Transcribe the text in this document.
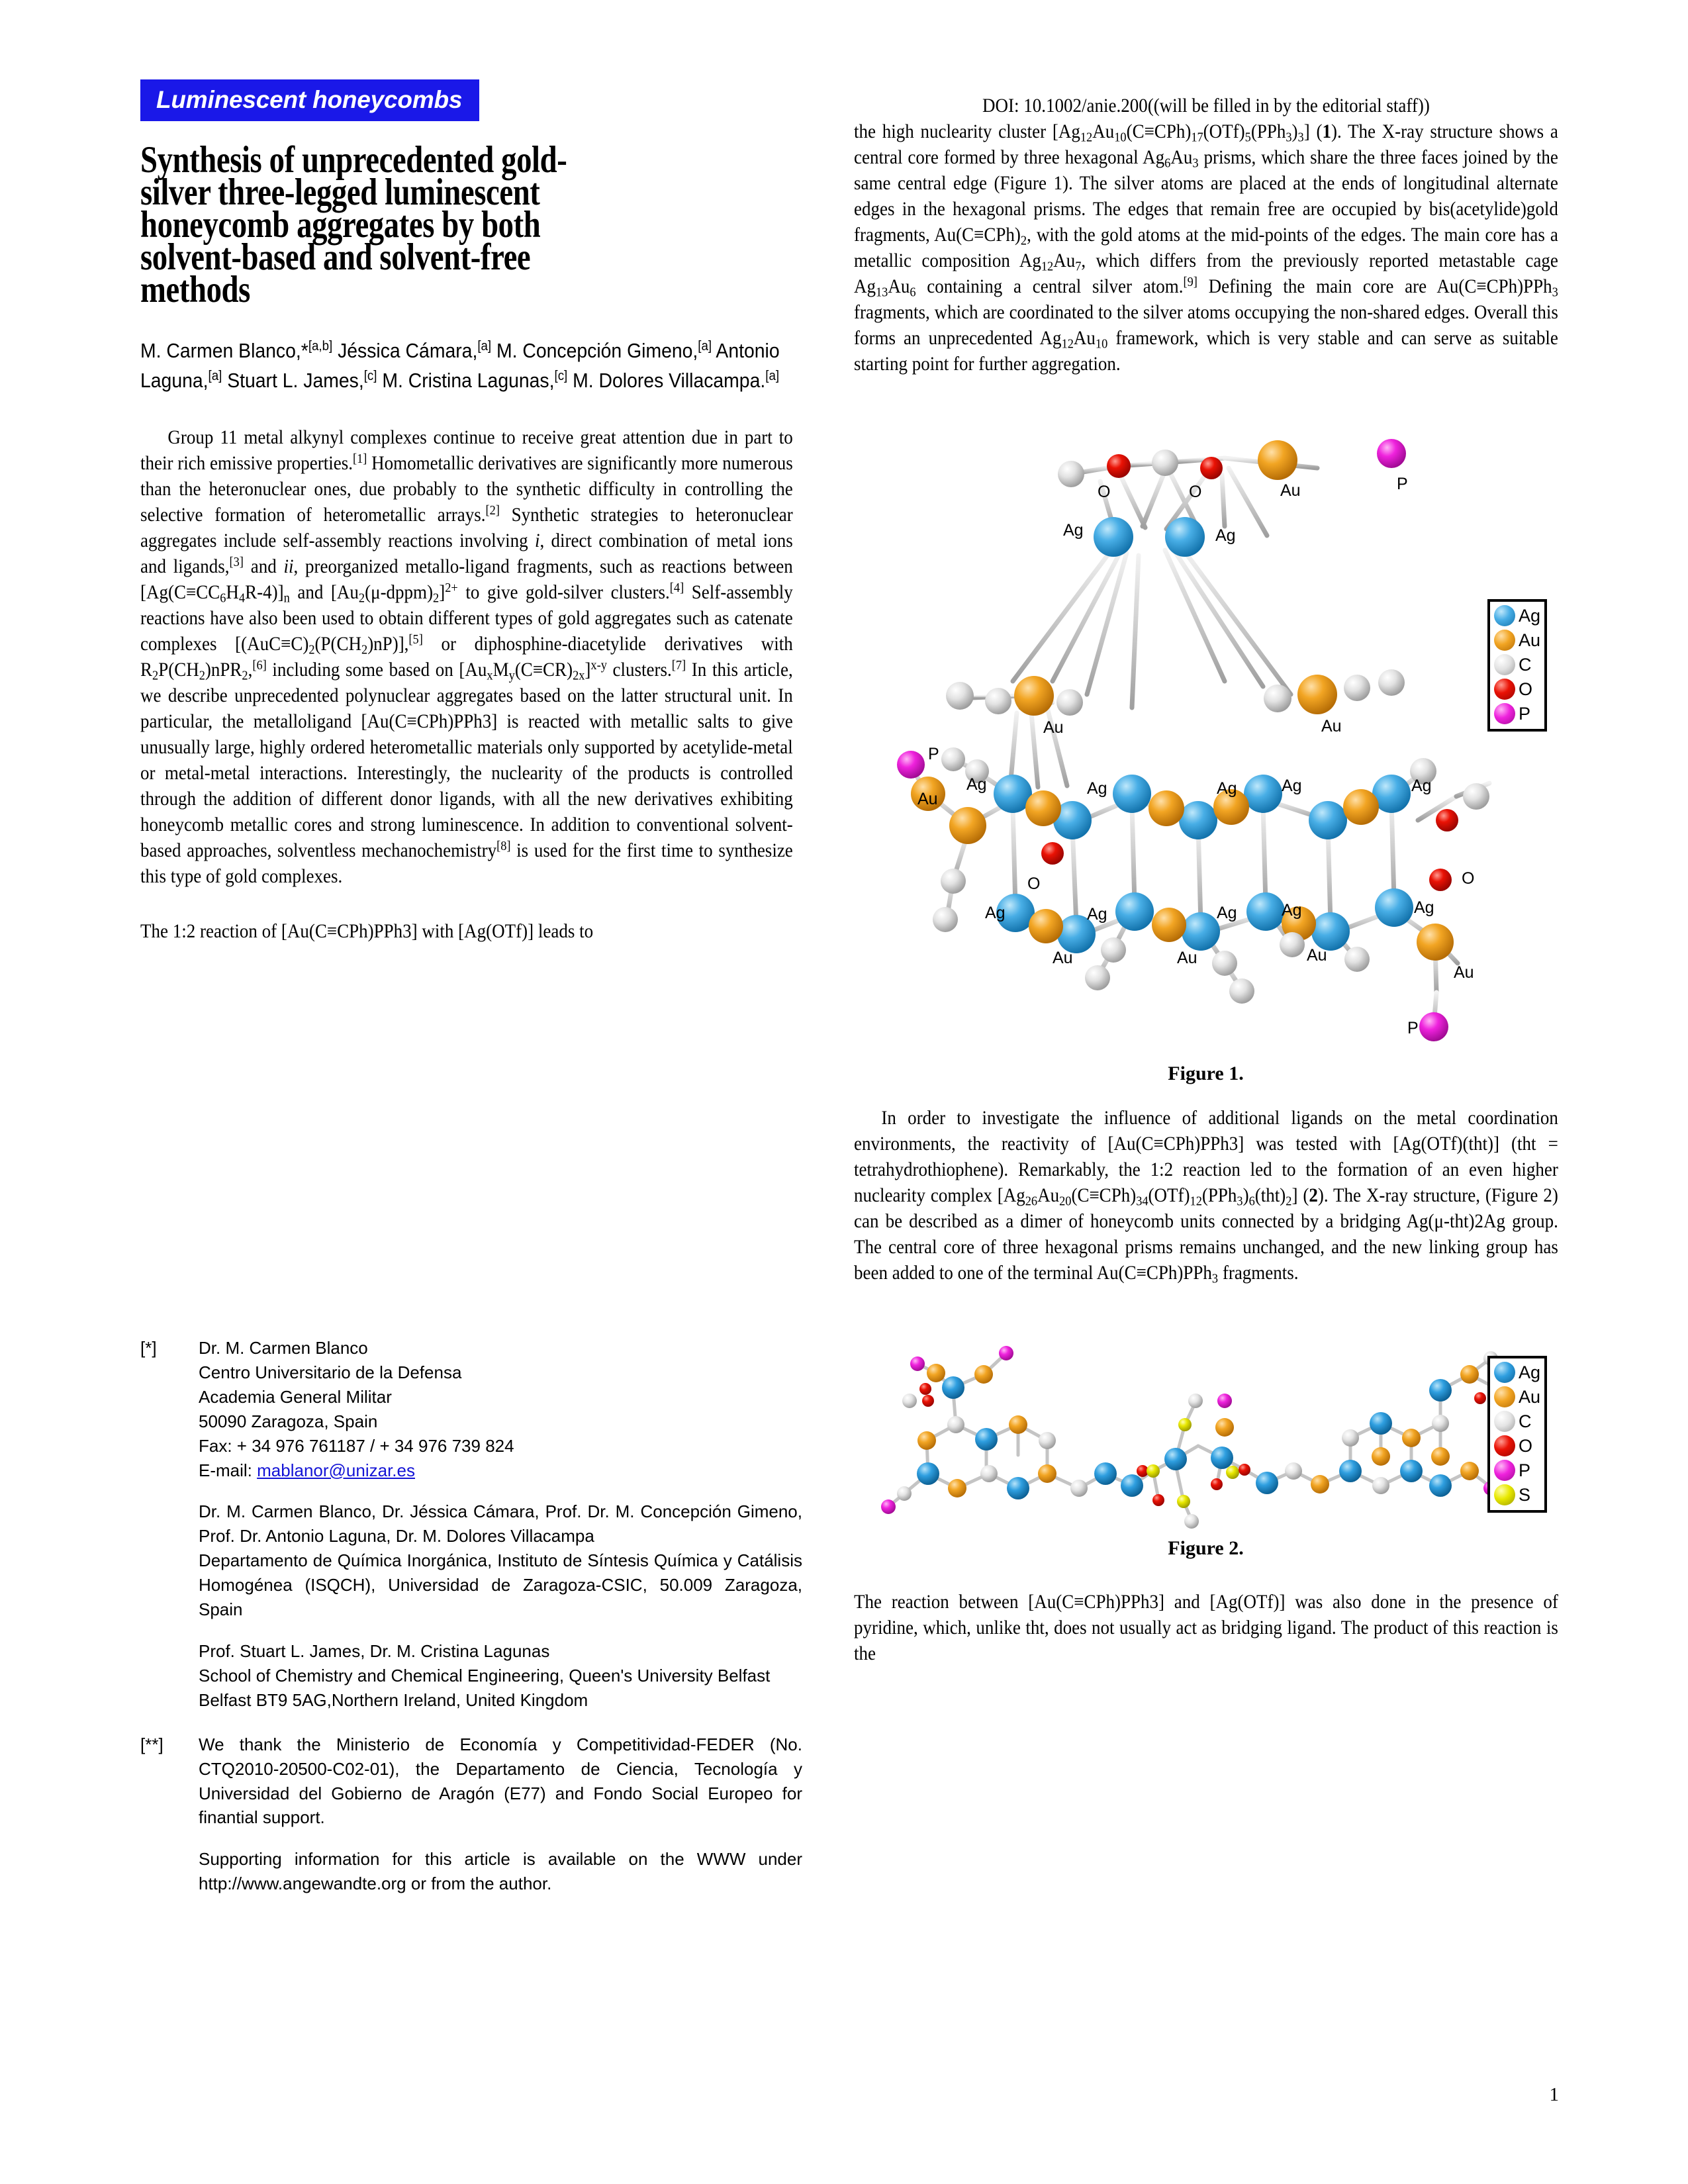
Luminescent honeycombs
Synthesis of unprecedented gold-
silver three-legged luminescent
honeycomb aggregates by both
solvent-based and solvent-free
methods
M. Carmen Blanco,*[a,b] Jéssica Cámara,[a] M. Concepción Gimeno,[a] Antonio Laguna,[a] Stuart L. James,[c] M. Cristina Lagunas,[c] M. Dolores Villacampa.[a]

Group 11 metal alkynyl complexes continue to receive great attention due in part to their rich emissive properties.[1] Homometallic derivatives are significantly more numerous than the heteronuclear ones, due probably to the synthetic difficulty in controlling the selective formation of heterometallic arrays.[2] Synthetic strategies to heteronuclear aggregates include self-assembly reactions involving i, direct combination of metal ions and ligands,[3] and ii, preorganized metallo-ligand fragments, such as reactions between $[Ag(C\equiv CC_6H_4R-4)]_n$ and $[Au_2(\mu-dppm)_2]^{2+}$ to give gold-silver clusters.[4] Self-assembly reactions have also been used to obtain different types of gold aggregates such as catenate complexes $[(AuC\equiv C)_2(P(CH_2)nP)],[5]$ or diphosphine-diacetylide derivatives with $R_2P(CH_2)nPR_2,[6]$ including some based on $[Au_xM_y(C\equiv CR)_{2x}]^{x-y}$ clusters.[7] In this article, we describe unprecedented polynuclear aggregates based on the latter structural unit. In particular, the metalloligand [Au(C≡CPh)PPh3] is reacted with metallic salts to give unusually large, highly ordered heterometallic materials only supported by acetylide-metal or metal-metal interactions. Interestingly, the nuclearity of the products is controlled through the addition of different donor ligands, with all the new derivatives exhibiting honeycomb metallic cores and strong luminescence. In addition to conventional solvent-based approaches, solventless mechanochemistry[8] is used for the first time to synthesize this type of gold complexes.

The 1:2 reaction of [Au(C≡CPh)PPh3] with [Ag(OTf)] leads to

[*]	Dr. M. Carmen Blanco

Centro Universitario de la Defensa

Academia General Militar

50090 Zaragoza, Spain

Fax: + 34 976 761187 / + 34 976 739 824

E-mail: mablanor@unizar.es

Dr. M. Carmen Blanco, Dr. Jéssica Cámara, Prof. Dr. M. Concepción Gimeno, Prof. Dr. Antonio Laguna, Dr. M. Dolores Villacampa

Departamento de Química Inorgánica, Instituto de Síntesis Química y Catálisis Homogénea (ISQCH), Universidad de Zaragoza-CSIC, 50.009 Zaragoza, Spain

Prof. Stuart L. James, Dr. M. Cristina Lagunas

School of Chemistry and Chemical Engineering, Queen's University Belfast

Belfast BT9 5AG,Northern Ireland, United Kingdom

[**]	We thank the Ministerio de Economía y Competitividad-FEDER (No. CTQ2010-20500-C02-01), the Departamento de Ciencia, Tecnología y Universidad del Gobierno de Aragón (E77) and Fondo Social Europeo for finantial support.

Supporting information for this article is available on the WWW under http://www.angewandte.org or from the author.

DOI: 10.1002/anie.200((will be filled in by the editorial staff))

the high nuclearity cluster $[Ag_{12}Au_{10}(C\equiv CPh)_{17}(OTf)_5(PPh_3)_3]$ (1). The X-ray structure shows a central core formed by three hexagonal $Ag_6Au_3$ prisms, which share the three faces joined by the same central edge (Figure 1). The silver atoms are placed at the ends of longitudinal alternate edges in the hexagonal prisms. The edges that remain free are occupied by bis(acetylide)gold fragments, $Au(C\equiv CPh)_2$, with the gold atoms at the mid-points of the edges. The main core has a metallic composition $Ag_{12}Au_7$, which differs from the previously reported metastable cage $Ag_{13}Au_6$ containing a central silver atom.[9] Defining the main core are Au(C≡CPh)PPh$_3$ fragments, which are coordinated to the silver atoms occupying the non-shared edges. Overall this forms an unprecedented $Ag_{12}Au_{10}$ framework, which is very stable and can serve as suitable starting point for further aggregation.

O	O	Au	P
Ag	Ag
Au	Au
Ag	Ag	Ag	Ag	Ag
P
Au
Ag	Ag	Ag	Ag	Ag
O	O
Au	Au	Au
Au
P
Ag
Au
C
O
P
Figure 1.

In order to investigate the influence of additional ligands on the metal coordination environments, the reactivity of [Au(C≡CPh)PPh3] was tested with [Ag(OTf)(tht)] (tht = tetrahydrothiophene). Remarkably, the 1:2 reaction led to the formation of an even higher nuclearity complex $[Ag_{26}Au_{20}(C\equiv CPh)_{34}(OTf)_{12}(PPh_3)_6(tht)_2]$ (2). The X-ray structure, (Figure 2) can be described as a dimer of honeycomb units connected by a bridging Ag(μ-tht)2Ag group. The central core of three hexagonal prisms remains unchanged, and the new linking group has been added to one of the terminal Au(C≡CPh)PPh$_3$ fragments.

Ag
Au
C
O
P
S
Figure 2.

The reaction between [Au(C≡CPh)PPh3] and [Ag(OTf)] was also done in the presence of pyridine, which, unlike tht, does not usually act as bridging ligand. The product of this reaction is the

1
